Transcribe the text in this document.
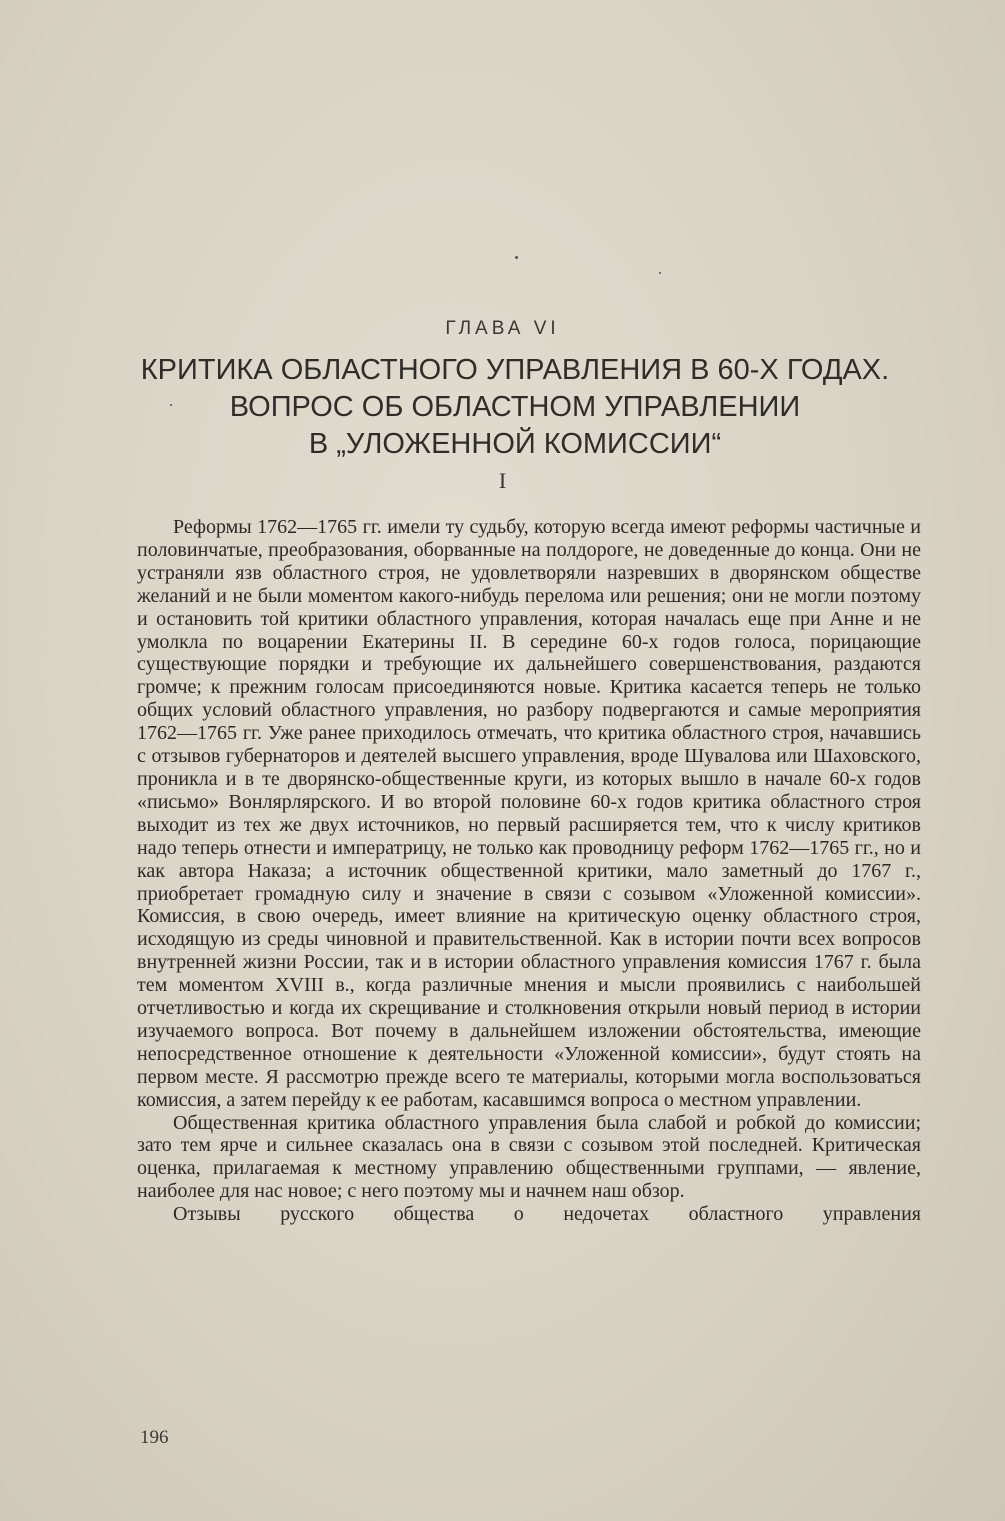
ГЛАВА VI
КРИТИКА ОБЛАСТНОГО УПРАВЛЕНИЯ В 60-Х ГОДАХ.
ВОПРОС ОБ ОБЛАСТНОМ УПРАВЛЕНИИ
В „УЛОЖЕННОЙ КОМИССИИ“
I

Реформы 1762—1765 гг. имели ту судьбу, которую всегда имеют реформы частичные и половинчатые, преобразования, оборванные на полдороге, не доведенные до конца. Они не устраняли язв областного строя, не удовлетворяли назревших в дворянском обществе желаний и не были моментом какого-нибудь перелома или решения; они не могли поэтому и остановить той критики областного управления, которая началась еще при Анне и не умолкла по воцарении Екатерины II. В середине 60-х годов голоса, порицающие существующие порядки и требующие их дальнейшего совершенствования, раздаются громче; к прежним голосам присоединяются новые. Критика касается теперь не только общих условий областного управления, но разбору подвергаются и самые мероприятия 1762—1765 гг. Уже ранее приходилось отмечать, что критика областного строя, начавшись с отзывов губернаторов и деятелей высшего управления, вроде Шувалова или Шаховского, проникла и в те дворянско-общественные круги, из которых вышло в начале 60-х годов «письмо» Вонлярлярского. И во второй половине 60-х годов критика областного строя выходит из тех же двух источников, но первый расширяется тем, что к числу критиков надо теперь отнести и императрицу, не только как проводницу реформ 1762—1765 гг., но и как автора Наказа; а источник общественной критики, мало заметный до 1767 г., приобретает громадную силу и значение в связи с созывом «Уложенной комиссии». Комиссия, в свою очередь, имеет влияние на критическую оценку областного строя, исходящую из среды чиновной и правительственной. Как в истории почти всех вопросов внутренней жизни России, так и в истории областного управления комиссия 1767 г. была тем моментом XVIII в., когда различные мнения и мысли проявились с наибольшей отчетливостью и когда их скрещивание и столкновения открыли новый период в истории изучаемого вопроса. Вот почему в дальнейшем изложении обстоятельства, имеющие непосредственное отношение к деятельности «Уложенной комиссии», будут стоять на первом месте. Я рассмотрю прежде всего те материалы, которыми могла воспользоваться комиссия, а затем перейду к ее работам, касавшимся вопроса о местном управлении.

Общественная критика областного управления была слабой и робкой до комиссии; зато тем ярче и сильнее сказалась она в связи с созывом этой последней. Критическая оценка, прилагаемая к местному управлению общественными группами, — явление, наиболее для нас новое; с него поэтому мы и начнем наш обзор.

Отзывы русского общества о недочетах областного управления

196
